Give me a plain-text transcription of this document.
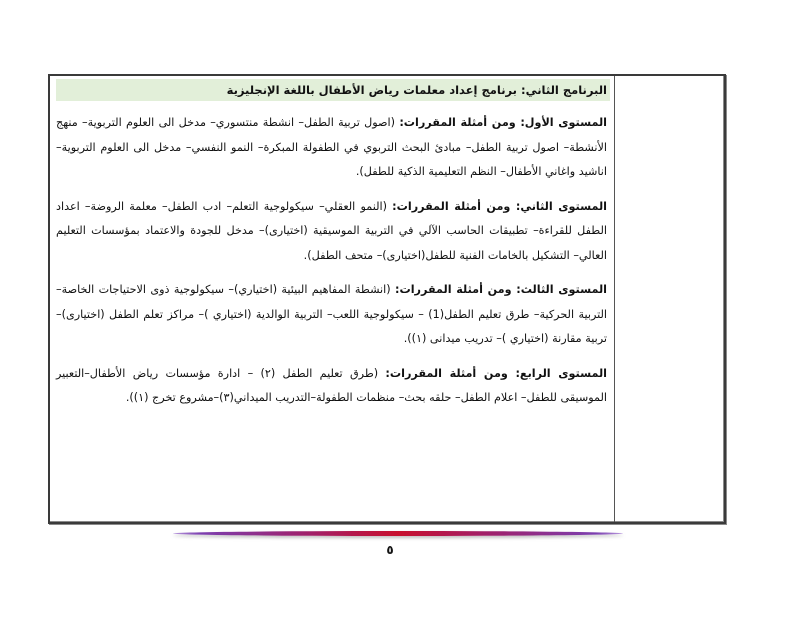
البرنامج الثاني: برنامج إعداد معلمات رياض الأطفال باللغة الإنجليزية
المستوى الأول: ومن أمثلة المقررات: (اصول تربية الطفل– انشطة منتسوري– مدخل الى العلوم التربوية– منهج الأنشطة– اصول تربية الطفل– مبادئ البحث التربوي في الطفولة المبكرة– النمو النفسي– مدخل الى العلوم التربوية– اناشيد واغاني الأطفال– النظم التعليمية الذكية للطفل).
المستوى الثاني: ومن أمثلة المقررات: (النمو العقلي– سيكولوجية التعلم– ادب الطفل– معلمة الروضة– اعداد الطفل للقراءة– تطبيقات الحاسب الآلي في التربية الموسيقية (اختيارى)– مدخل للجودة والاعتماد بمؤسسات التعليم العالي– التشكيل بالخامات الفنية للطفل(اختيارى)– متحف الطفل).
المستوى الثالث: ومن أمثلة المقررات: (انشطة المفاهيم البيئية (اختياري)– سيكولوجية ذوى الاحتياجات الخاصة– التربية الحركية– طرق تعليم الطفل(1) – سيكولوجية اللعب– التربية الوالدية (اختياري )– مراكز تعلم الطفل (اختيارى)– تربية مقارنة (اختياري )– تدريب ميدانى (١)).
المستوى الرابع: ومن أمثلة المقررات: (طرق تعليم الطفل (٢) – ادارة مؤسسات رياض الأطفال–التعبير الموسيقى للطفل– اعلام الطفل– حلقه بحث– منظمات الطفولة–التدريب الميداني(٣)–مشروع تخرج (١)).
٥
